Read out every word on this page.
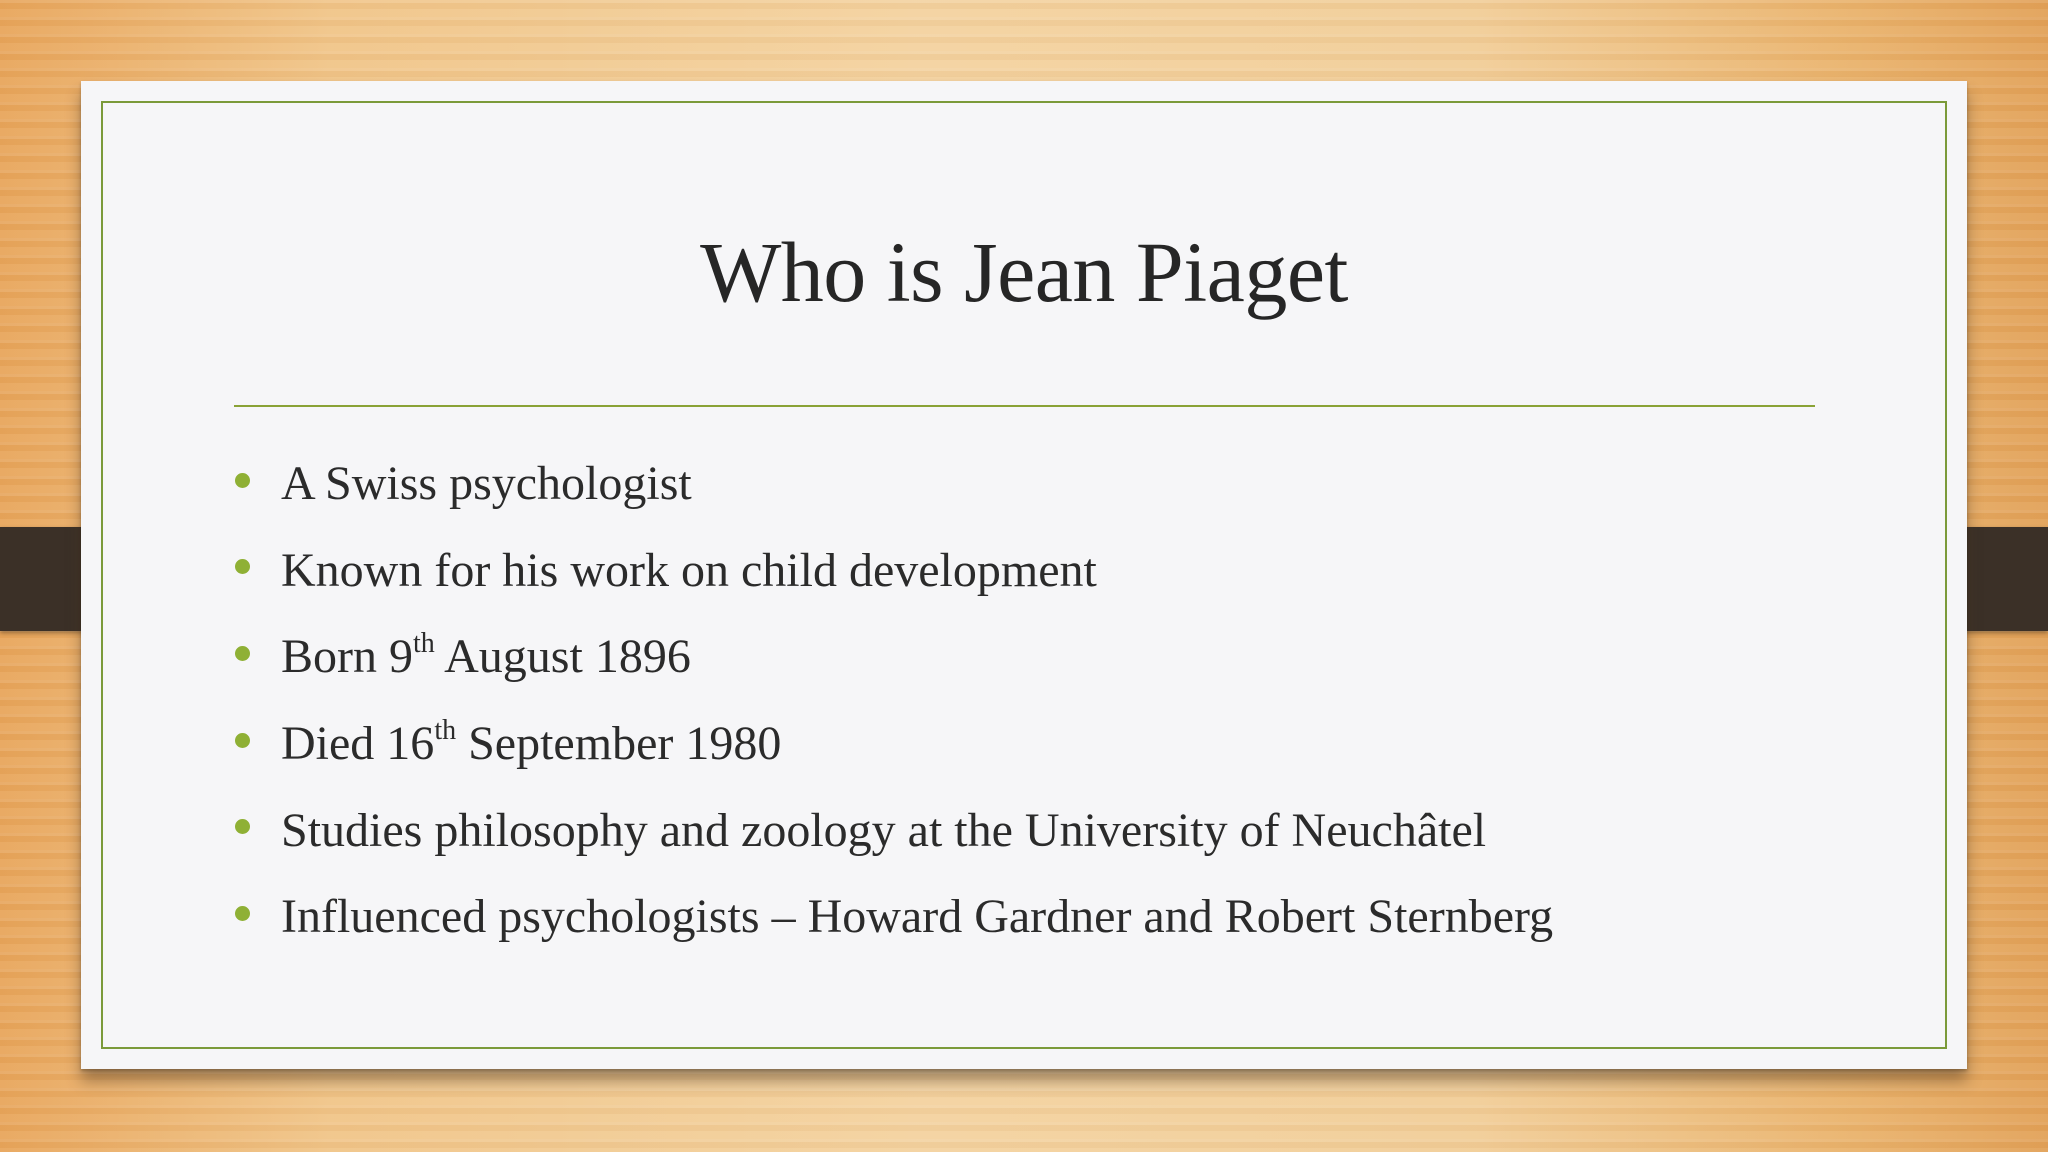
Who is Jean Piaget
A Swiss psychologist
Known for his work on child development
Born 9th August 1896
Died 16th September 1980
Studies philosophy and zoology at the University of Neuchâtel
Influenced psychologists – Howard Gardner and Robert Sternberg
